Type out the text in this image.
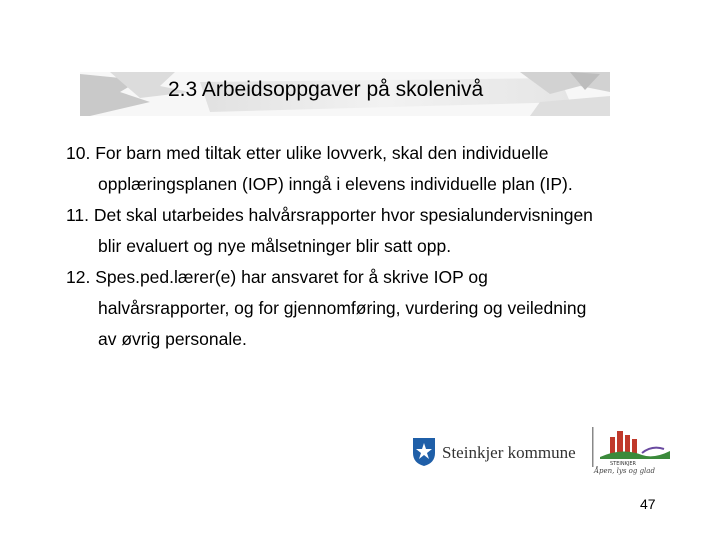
2.3 Arbeidsoppgaver på skolenivå
10. For barn med tiltak etter ulike lovverk, skal den individuelle
opplæringsplanen (IOP) inngå i elevens individuelle plan (IP).
11. Det skal utarbeides halvårsrapporter hvor spesialundervisningen
blir evaluert og nye målsetninger blir satt opp.
12. Spes.ped.lærer(e) har ansvaret for å skrive IOP og
halvårsrapporter, og for gjennomføring, vurdering og veiledning
av øvrig personale.
Steinkjer kommune
STEINKJER
Åpen, lys og glad
47
